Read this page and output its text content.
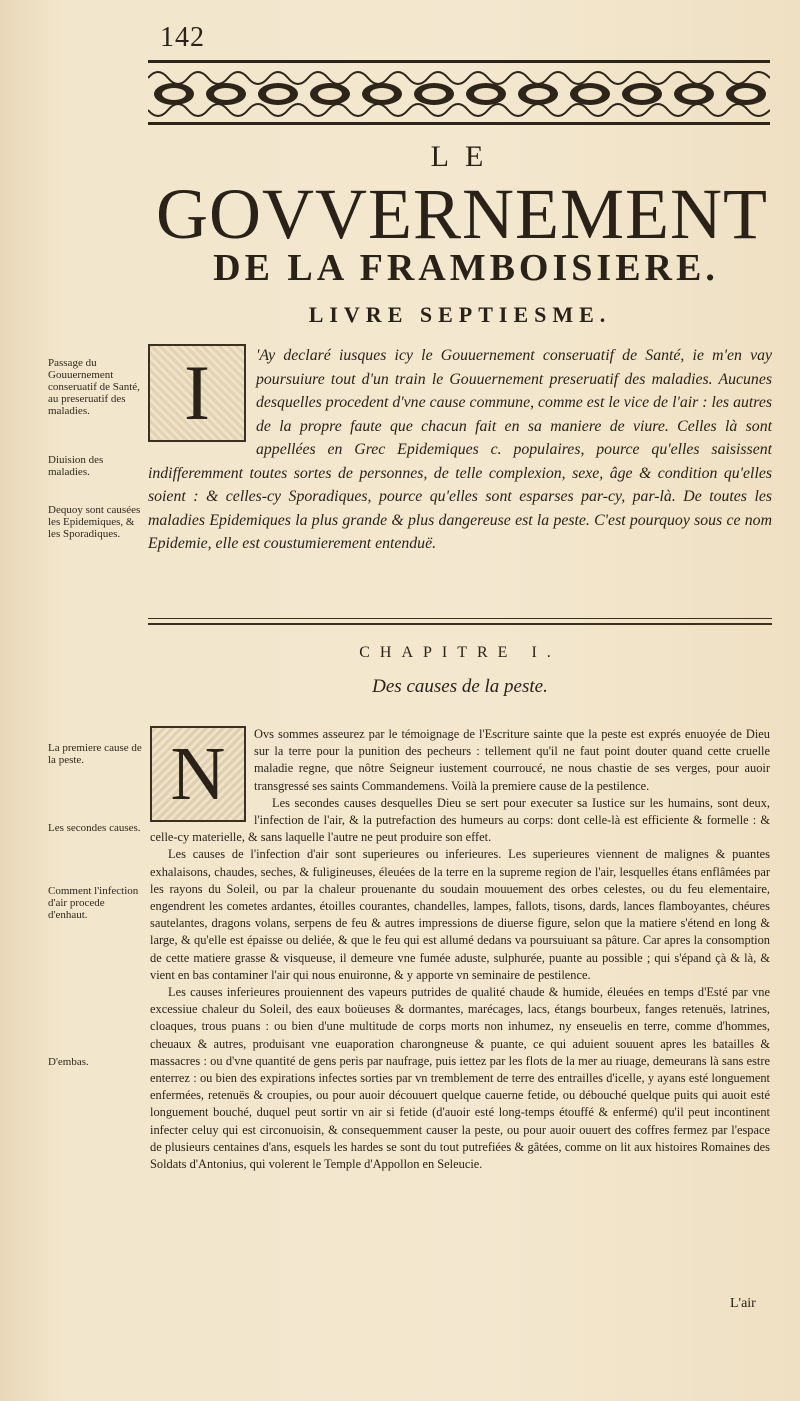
142
LE
GOVVERNEMENT
DE LA FRAMBOISIERE.
LIVRE SEPTIESME.
Passage du Gouuernement conseruatif de Santé, au preseruatif des maladies.
Diuision des maladies.
Dequoy sont causées les Epidemiques, & les Sporadiques.
I	'Ay declaré iusques icy le Gouuernement conseruatif de Santé, ie m'en vay poursuiure tout d'un train le Gouuernement preseruatif des maladies. Aucunes desquelles procedent d'vne cause commune, comme est le vice de l'air : les autres de la propre faute que chacun fait en sa maniere de viure. Celles là sont appellées en Grec Epidemiques c. populaires, pource qu'elles saisissent indifferemment toutes sortes de personnes, de telle complexion, sexe, âge & condition qu'elles soient : & celles-cy Sporadiques, pource qu'elles sont esparses par-cy, par-là. De toutes les maladies Epidemiques la plus grande & plus dangereuse est la peste. C'est pourquoy sous ce nom Epidemie, elle est coustumierement entenduë.
CHAPITRE I.
Des causes de la peste.
La premiere cause de la peste.
Les secondes causes.
Comment l'infection d'air procede d'enhaut.
D'embas.
N	Ovs sommes asseurez par le témoignage de l'Escriture sainte que la peste est exprés enuoyée de Dieu sur la terre pour la punition des pecheurs : tellement qu'il ne faut point douter quand cette cruelle maladie regne, que nôtre Seigneur iustement courroucé, ne nous chastie de ses verges, pour auoir transgressé ses saints Commandemens. Voilà la premiere cause de la pestilence.

Les secondes causes desquelles Dieu se sert pour executer sa Iustice sur les humains, sont deux, l'infection de l'air, & la putrefaction des humeurs au corps: dont celle-là est efficiente & formelle : & celle-cy materielle, & sans laquelle l'autre ne peut produire son effet.

Les causes de l'infection d'air sont superieures ou inferieures. Les superieures viennent de malignes & puantes exhalaisons, chaudes, seches, & fuligineuses, éleuées de la terre en la supreme region de l'air, lesquelles étans enflâmées par les rayons du Soleil, ou par la chaleur prouenante du soudain mouuement des orbes celestes, ou du feu elementaire, engendrent les cometes ardantes, étoilles courantes, chandelles, lampes, fallots, tisons, dards, lances flamboyantes, chéures sautelantes, dragons volans, serpens de feu & autres impressions de diuerse figure, selon que la matiere s'étend en long & large, & qu'elle est épaisse ou deliée, & que le feu qui est allumé dedans va poursuiuant sa pâture. Car apres la consomption de cette matiere grasse & visqueuse, il demeure vne fumée aduste, sulphurée, puante au possible ; qui s'épand çà & là, & vient en bas contaminer l'air qui nous enuironne, & y apporte vn seminaire de pestilence.

Les causes inferieures prouiennent des vapeurs putrides de qualité chaude & humide, éleuées en temps d'Esté par vne excessiue chaleur du Soleil, des eaux boüeuses & dormantes, marécages, lacs, étangs bourbeux, fanges retenuës, latrines, cloaques, trous puans : ou bien d'une multitude de corps morts non inhumez, ny enseuelis en terre, comme d'hommes, cheuaux & autres, produisant vne euaporation charongneuse & puante, ce qui aduient souuent apres les batailles & massacres : ou d'vne quantité de gens peris par naufrage, puis iettez par les flots de la mer au riuage, demeurans là sans estre enterrez : ou bien des expirations infectes sorties par vn tremblement de terre des entrailles d'icelle, y ayans esté longuement enfermées, retenuës & croupies, ou pour auoir découuert quelque cauerne fetide, ou débouché quelque puits qui auoit esté longuement bouché, duquel peut sortir vn air si fetide (d'auoir esté long-temps étouffé & enfermé) qu'il peut incontinent infecter celuy qui est circonuoisin, & consequemment causer la peste, ou pour auoir ouuert des coffres fermez par l'espace de plusieurs centaines d'ans, esquels les hardes se sont du tout putrefiées & gâtées, comme on lit aux histoires Romaines des Soldats d'Antonius, qui volerent le Temple d'Appollon en Seleucie.

L'air
